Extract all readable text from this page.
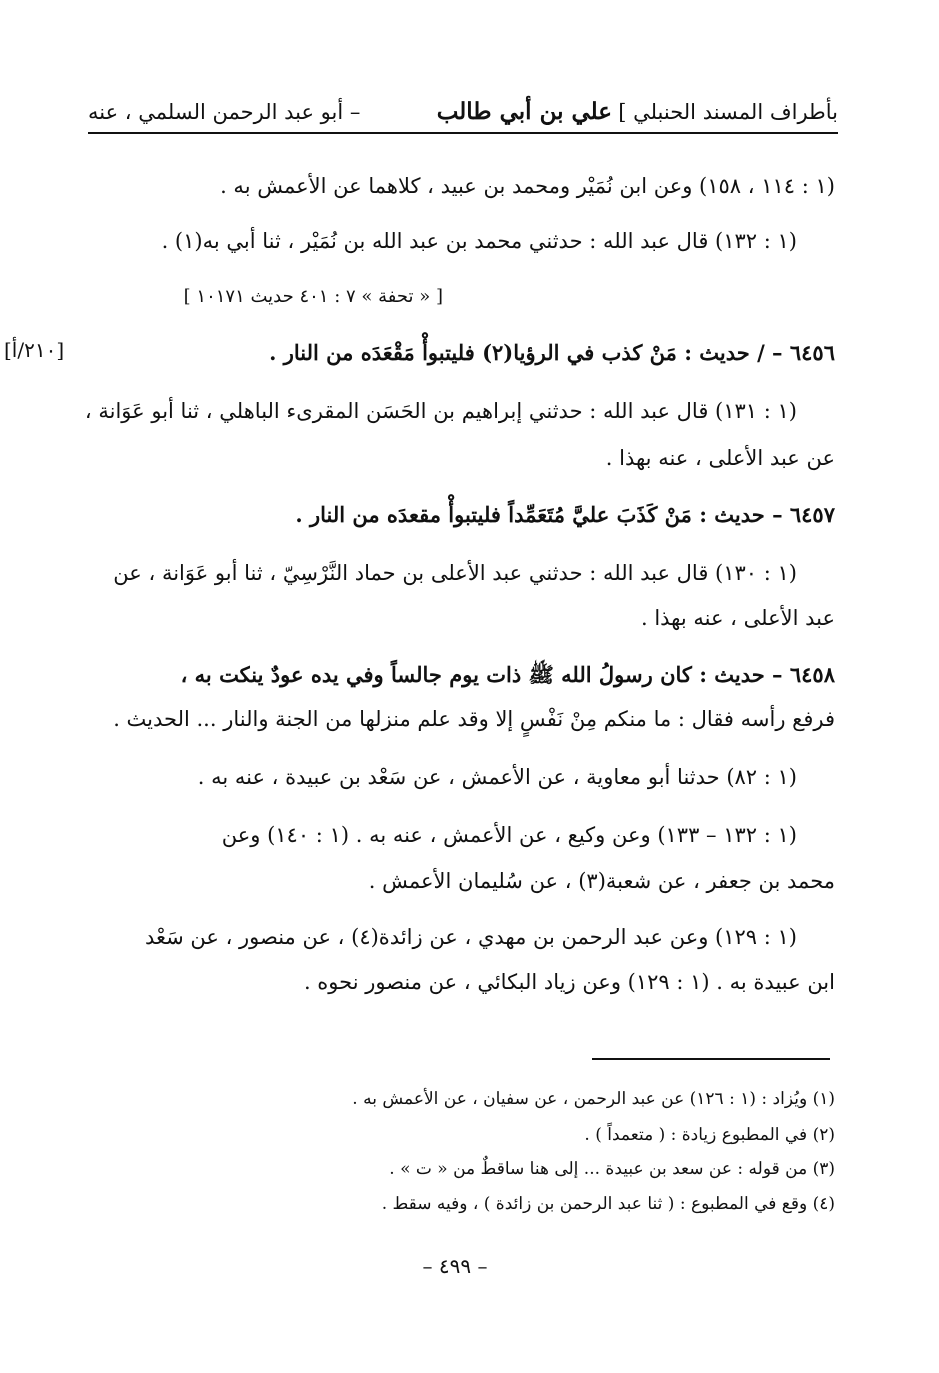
بأطراف المسند الحنبلي ]
علي بن أبي طالب
– أبو عبد الرحمن السلمي ، عنه
[٢١٠/أ]
(١ : ١١٤ ، ١٥٨) وعن ابن نُمَيْر ومحمد بن عبيد ، كلاهما عن الأعمش به .
(١ : ١٣٢) قال عبد الله : حدثني محمد بن عبد الله بن نُمَيْر ، ثنا أبي به(١) .
[ « تحفة » ٧ : ٤٠١ حديث ١٠١٧١ ]
٦٤٥٦ – / حديث : مَنْ كذب في الرؤيا(٢) فليتبوأْ مَقْعَدَه من النار .
(١ : ١٣١) قال عبد الله : حدثني إبراهيم بن الحَسَن المقرىء الباهلي ، ثنا أبو عَوَانة ،
عن عبد الأعلى ، عنه بهذا .
٦٤٥٧ – حديث : مَنْ كَذَبَ عليَّ مُتَعَمِّداً فليتبوأْ مقعدَه من النار .
(١ : ١٣٠) قال عبد الله : حدثني عبد الأعلى بن حماد النَّرْسِيّ ، ثنا أبو عَوَانة ، عن
عبد الأعلى ، عنه بهذا .
٦٤٥٨ – حديث : كان رسولُ الله ﷺ ذات يوم جالساً وفي يده عودٌ ينكت به ،
فرفع رأسه فقال : ما منكم مِنْ نَفْسٍ إلا وقد علم منزلها من الجنة والنار ... الحديث .
(١ : ٨٢) حدثنا أبو معاوية ، عن الأعمش ، عن سَعْد بن عبيدة ، عنه به .
(١ : ١٣٢ – ١٣٣) وعن وكيع ، عن الأعمش ، عنه به . (١ : ١٤٠) وعن
محمد بن جعفر ، عن شعبة(٣) ، عن سُليمان الأعمش .
(١ : ١٢٩) وعن عبد الرحمن بن مهدي ، عن زائدة(٤) ، عن منصور ، عن سَعْد
ابن عبيدة به . (١ : ١٢٩) وعن زياد البكائي ، عن منصور نحوه .
(١) ويُزاد : (١ : ١٢٦) عن عبد الرحمن ، عن سفيان ، عن الأعمش به .
(٢) في المطبوع زيادة : ( متعمداً ) .
(٣) من قوله : عن سعد بن عبيدة ... إلى هنا ساقطٌ من « ت » .
(٤) وقع في المطبوع : ( ثنا عبد الرحمن بن زائدة ) ، وفيه سقط .
– ٤٩٩ –
